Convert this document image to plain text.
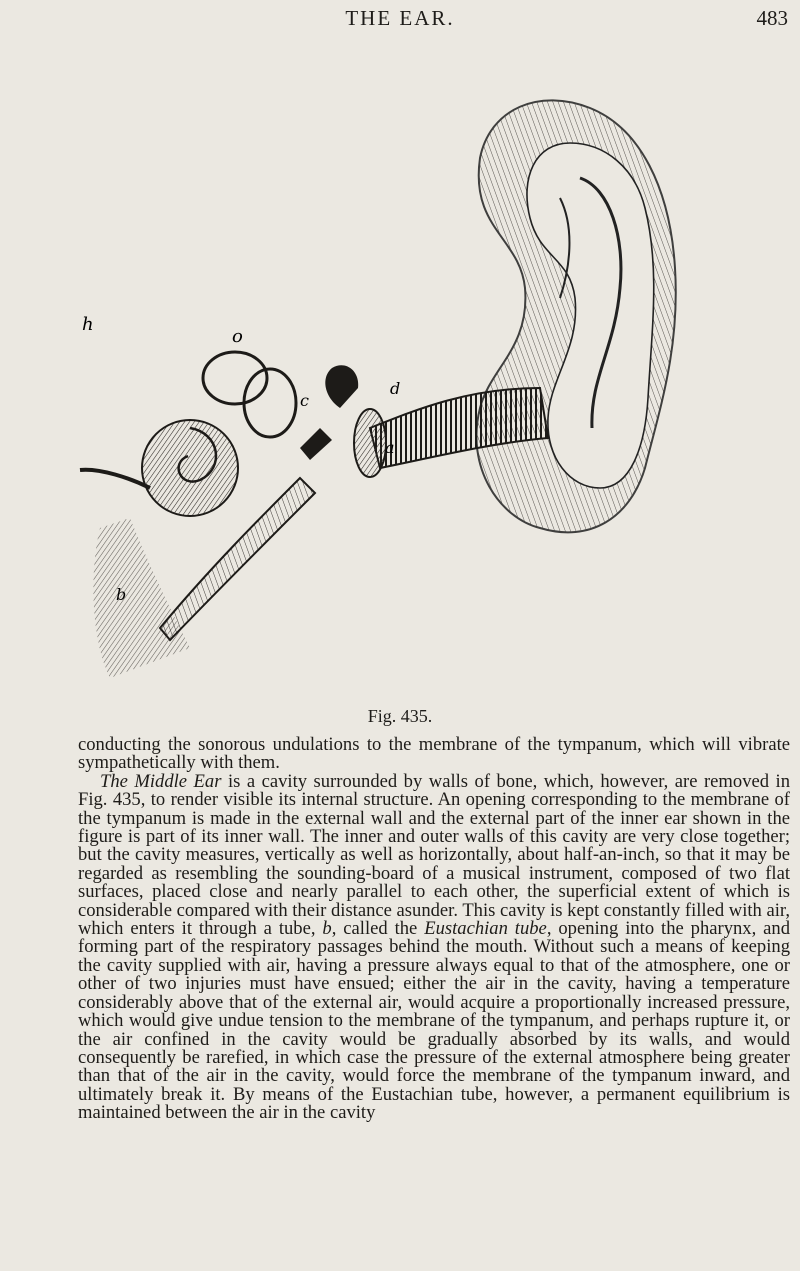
THE EAR.	483
d
a
c
h
o
b
Fig. 435.

conducting the sonorous undulations to the membrane of the tympanum, which will vibrate sympathetically with them.

The Middle Ear is a cavity surrounded by walls of bone, which, however, are removed in Fig. 435, to render visible its internal structure. An opening corresponding to the membrane of the tympanum is made in the external wall and the external part of the inner ear shown in the figure is part of its inner wall. The inner and outer walls of this cavity are very close together; but the cavity measures, vertically as well as horizontally, about half-an-inch, so that it may be regarded as resembling the sounding-board of a musical instrument, composed of two flat surfaces, placed close and nearly parallel to each other, the superficial extent of which is considerable compared with their distance asunder. This cavity is kept constantly filled with air, which enters it through a tube, b, called the Eustachian tube, opening into the pharynx, and forming part of the respiratory passages behind the mouth. Without such a means of keeping the cavity supplied with air, having a pressure always equal to that of the atmosphere, one or other of two injuries must have ensued; either the air in the cavity, having a temperature considerably above that of the external air, would acquire a proportionally increased pressure, which would give undue tension to the membrane of the tympanum, and perhaps rupture it, or the air confined in the cavity would be gradually absorbed by its walls, and would consequently be rarefied, in which case the pressure of the external atmosphere being greater than that of the air in the cavity, would force the membrane of the tympanum inward, and ultimately break it. By means of the Eustachian tube, however, a permanent equilibrium is maintained between the air in the cavity
